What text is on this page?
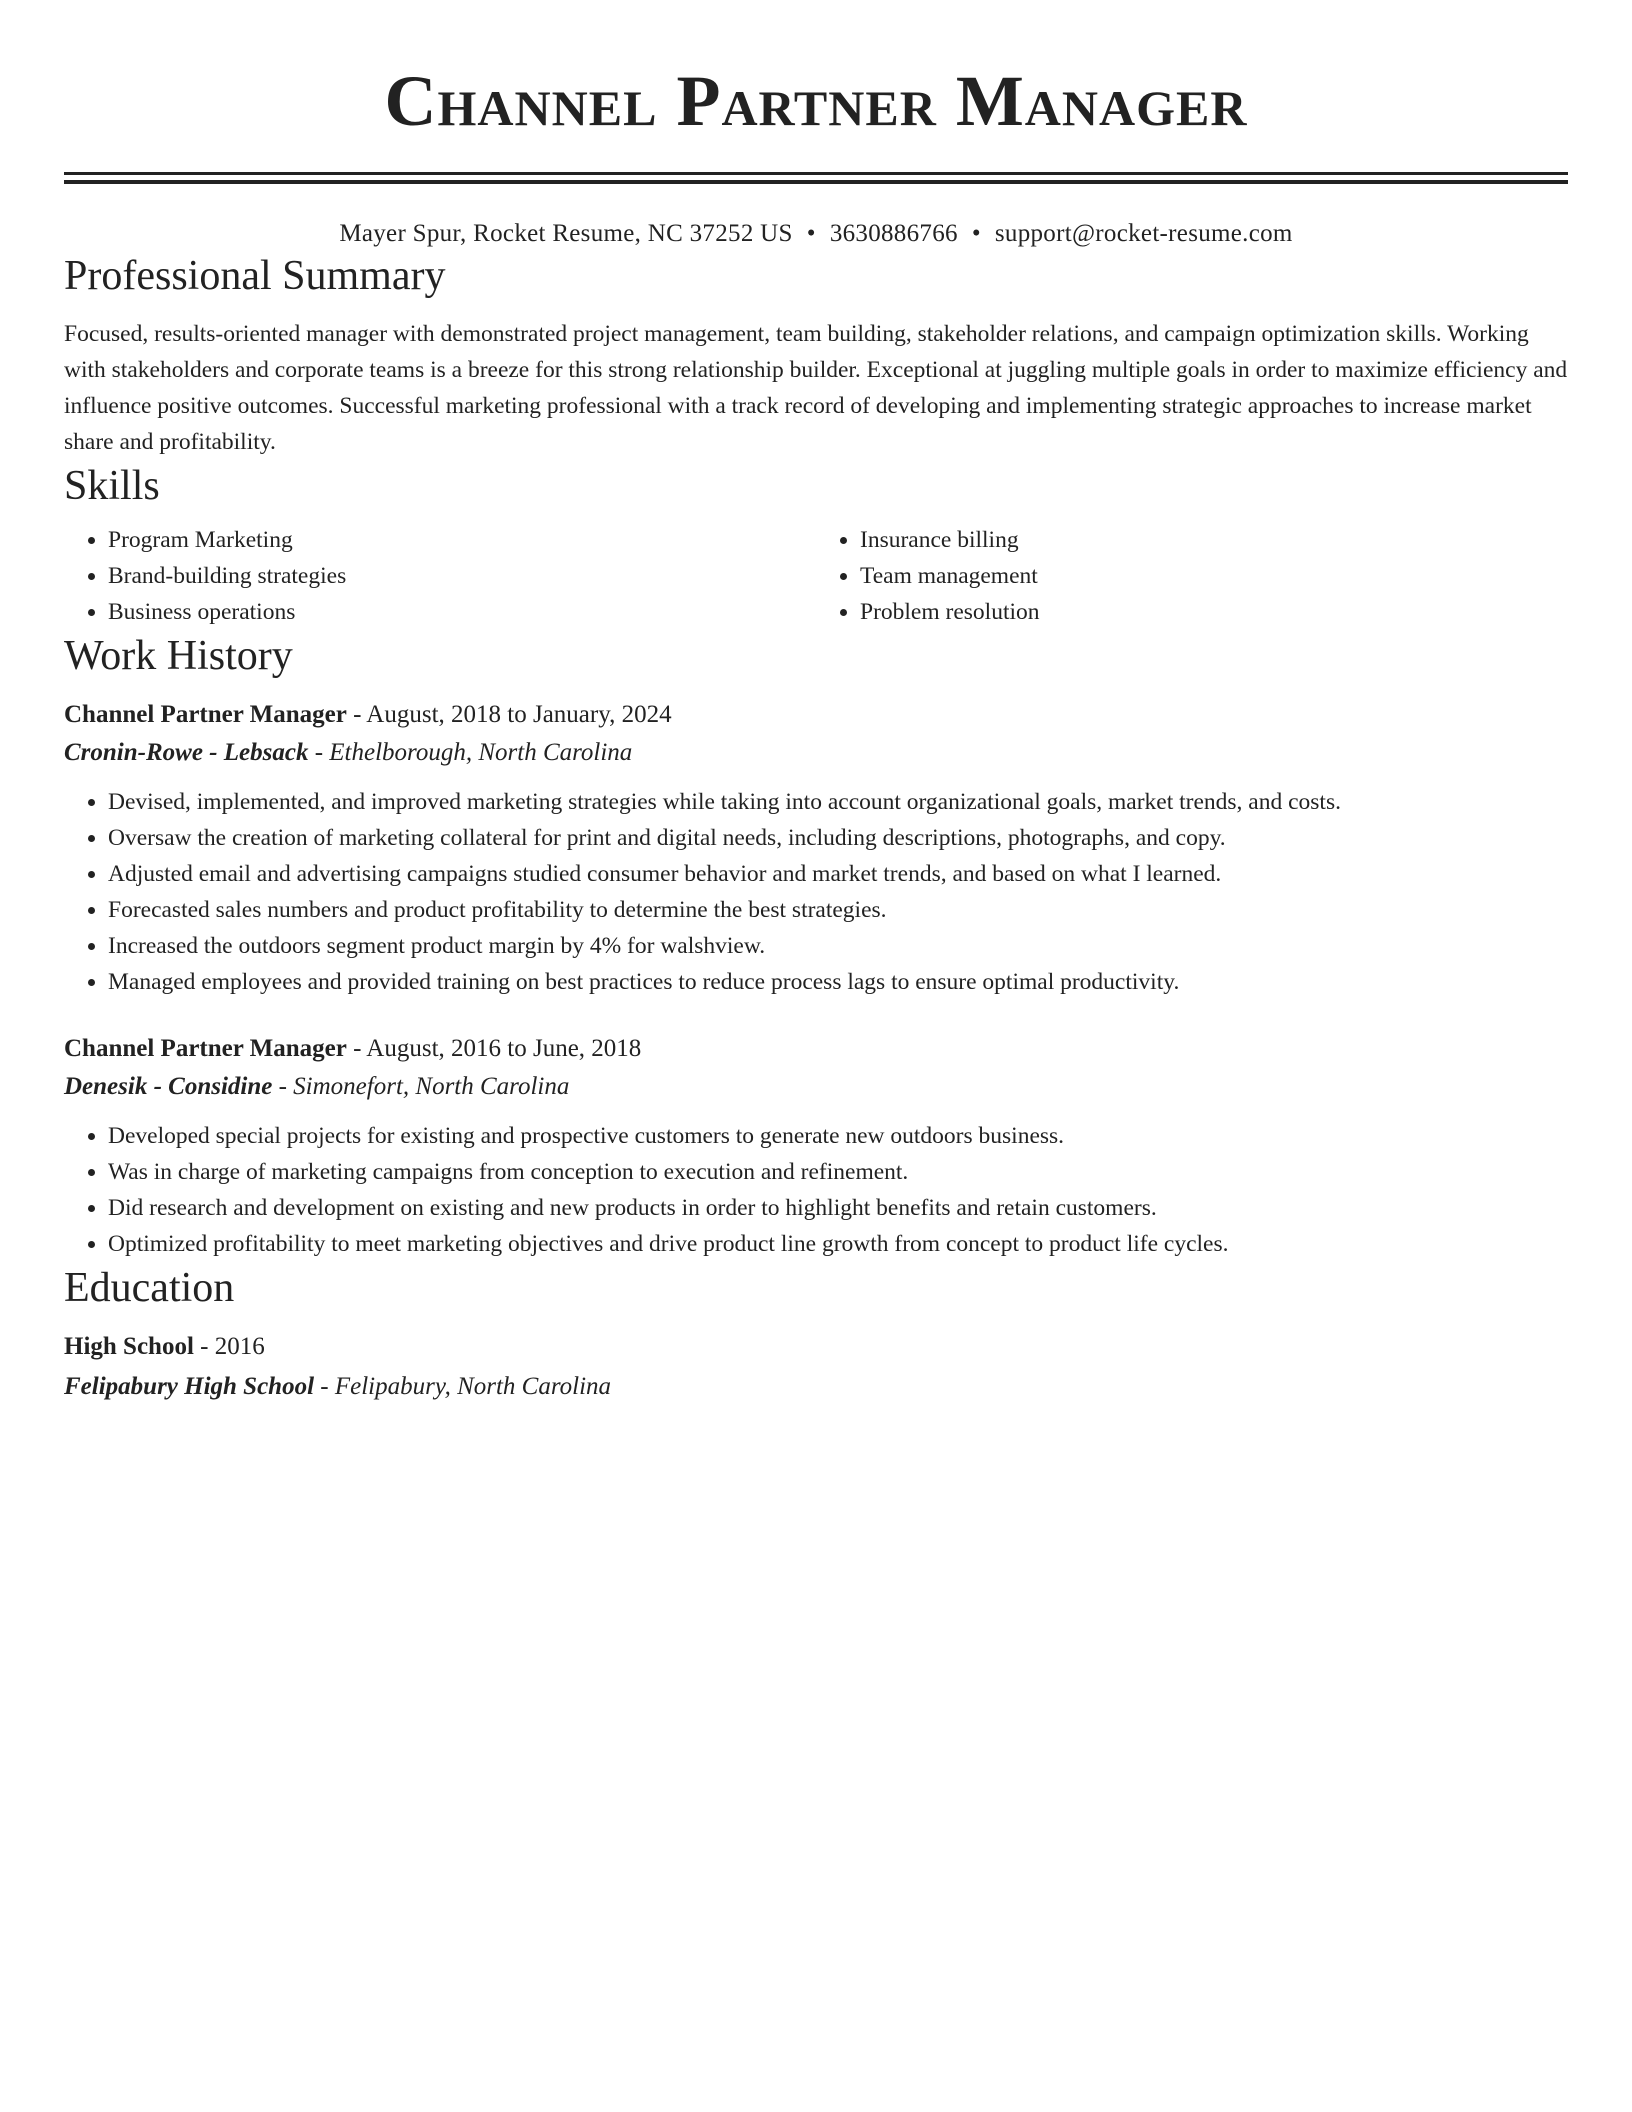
Channel Partner Manager
Mayer Spur, Rocket Resume, NC 37252 US • 3630886766 • support@rocket-resume.com
Professional Summary

Focused, results-oriented manager with demonstrated project management, team building, stakeholder relations, and campaign optimization skills. Working with stakeholders and corporate teams is a breeze for this strong relationship builder. Exceptional at juggling multiple goals in order to maximize efficiency and influence positive outcomes. Successful marketing professional with a track record of developing and implementing strategic approaches to increase market share and profitability.

Skills
• Program Marketing
• Brand-building strategies
• Business operations
• Insurance billing
• Team management
• Problem resolution
Work History
Channel Partner Manager - August, 2018 to January, 2024
Cronin-Rowe - Lebsack - Ethelborough, North Carolina
• Devised, implemented, and improved marketing strategies while taking into account organizational goals, market trends, and costs.
• Oversaw the creation of marketing collateral for print and digital needs, including descriptions, photographs, and copy.
• Adjusted email and advertising campaigns studied consumer behavior and market trends, and based on what I learned.
• Forecasted sales numbers and product profitability to determine the best strategies.
• Increased the outdoors segment product margin by 4% for walshview.
• Managed employees and provided training on best practices to reduce process lags to ensure optimal productivity.
Channel Partner Manager - August, 2016 to June, 2018
Denesik - Considine - Simonefort, North Carolina
• Developed special projects for existing and prospective customers to generate new outdoors business.
• Was in charge of marketing campaigns from conception to execution and refinement.
• Did research and development on existing and new products in order to highlight benefits and retain customers.
• Optimized profitability to meet marketing objectives and drive product line growth from concept to product life cycles.
Education
High School - 2016
Felipabury High School - Felipabury, North Carolina
